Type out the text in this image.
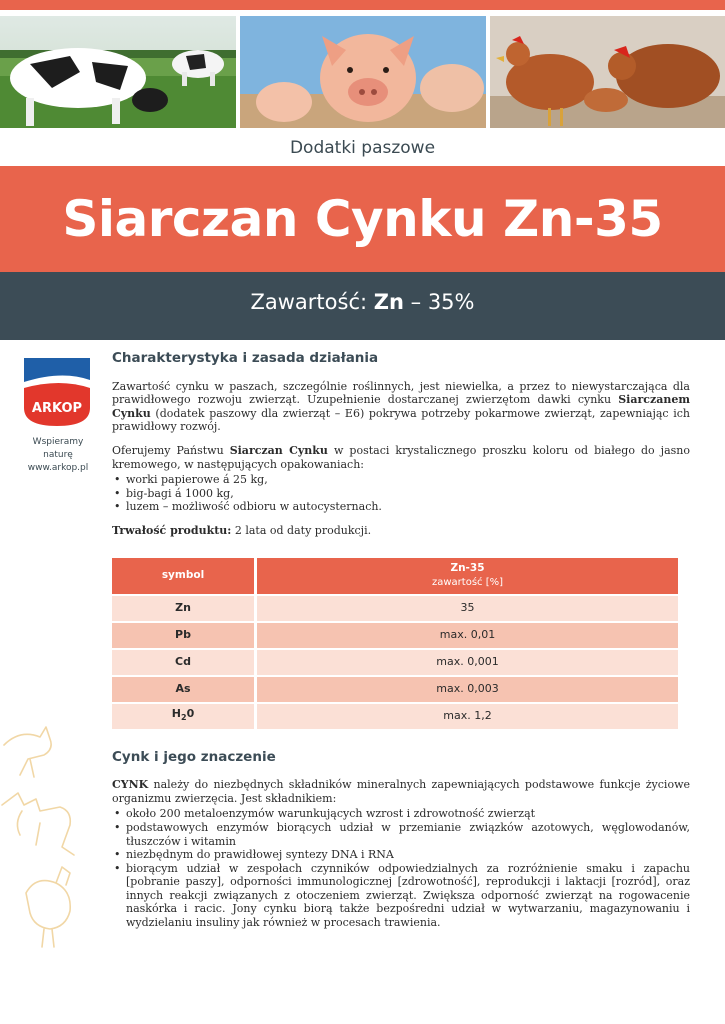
Dodatki paszowe
Siarczan Cynku Zn-35
Zawartość: Zn – 35%
ARKOP
Wspieramy naturę
www.arkop.pl
Charakterystyka i zasada działania

Zawartość cynku w paszach, szczególnie roślinnych, jest niewielka, a przez to niewystarczająca dla prawidłowego rozwoju zwierząt. Uzupełnienie dostarczanej zwierzętom dawki cynku Siarczanem Cynku (dodatek paszowy dla zwierząt – E6) pokrywa potrzeby pokarmowe zwierząt, zapewniając ich prawidłowy rozwój.

Oferujemy Państwu Siarczan Cynku w postaci krystalicznego proszku koloru od białego do jasno kremowego, w następujących opakowaniach:

• worki papierowe á 25 kg,
• big-bagi á 1000 kg,
• luzem – możliwość odbioru w autocysternach.

Trwałość produktu: 2 lata od daty produkcji.

symbol	Zn-35
zawartość [%]

Zn	35
Pb	max. 0,01
Cd	max. 0,001
As	max. 0,003
$H_20$	max. 1,2
Cynk i jego znaczenie

CYNK należy do niezbędnych składników mineralnych zapewniających podstawowe funkcje życiowe organizmu zwierzęcia. Jest składnikiem:

• około 200 metaloenzymów warunkujących wzrost i zdrowotność zwierząt
• podstawowych enzymów biorących udział w przemianie związków azotowych, węglowodanów, tłuszczów i witamin
• niezbędnym do prawidłowej syntezy DNA i RNA
• biorącym udział w zespołach czynników odpowiedzialnych za rozróżnienie smaku i zapachu [pobranie paszy], odporności immunologicznej [zdrowotność], reprodukcji i laktacji [rozród], oraz innych reakcji związanych z otoczeniem zwierząt. Zwiększa odporność zwierząt na rogowacenie naskórka i racic. Jony cynku biorą także bezpośredni udział w wytwarzaniu, magazynowaniu i wydzielaniu insuliny jak również w procesach trawienia.
